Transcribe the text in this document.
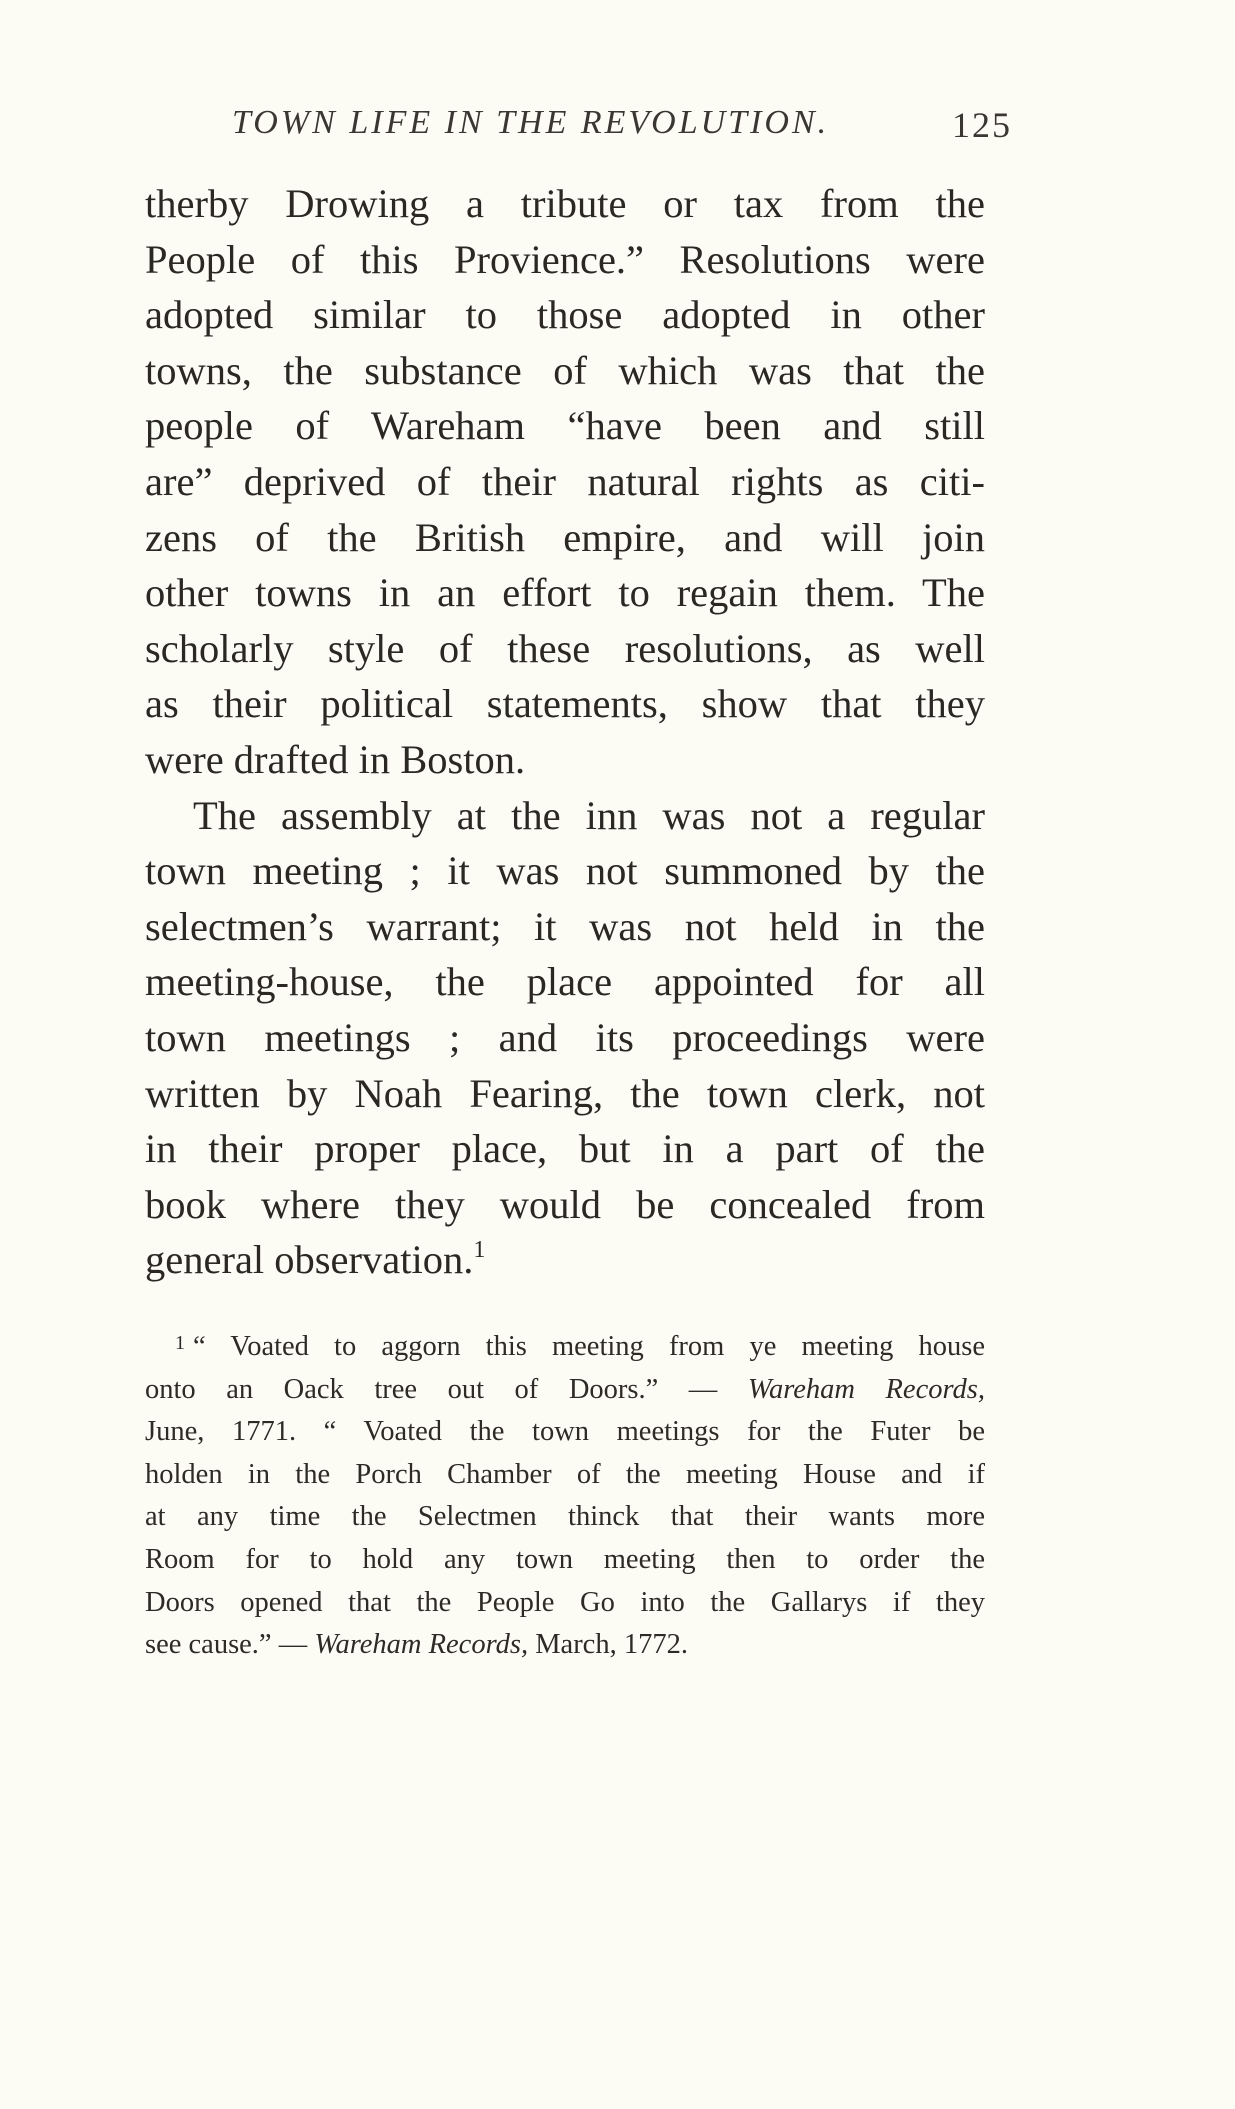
TOWN LIFE IN THE REVOLUTION.	125
therby Drowing a tribute or tax from the
People of this Provience.” Resolutions were
adopted similar to those adopted in other
towns, the substance of which was that the
people of Wareham “have been and still
are” deprived of their natural rights as citi-
zens of the British empire, and will join
other towns in an effort to regain them. The
scholarly style of these resolutions, as well
as their political statements, show that they
were drafted in Boston.
The assembly at the inn was not a regular
town meeting ; it was not summoned by the
selectmen’s warrant; it was not held in the
meeting-house, the place appointed for all
town meetings ; and its proceedings were
written by Noah Fearing, the town clerk, not
in their proper place, but in a part of the
book where they would be concealed from
general observation.$^1$
$^1$ “ Voated to aggorn this meeting from ye meeting house
onto an Oack tree out of Doors.” — Wareham Records,
June, 1771. “ Voated the town meetings for the Futer be
holden in the Porch Chamber of the meeting House and if
at any time the Selectmen thinck that their wants more
Room for to hold any town meeting then to order the
Doors opened that the People Go into the Gallarys if they
see cause.” — Wareham Records, March, 1772.
